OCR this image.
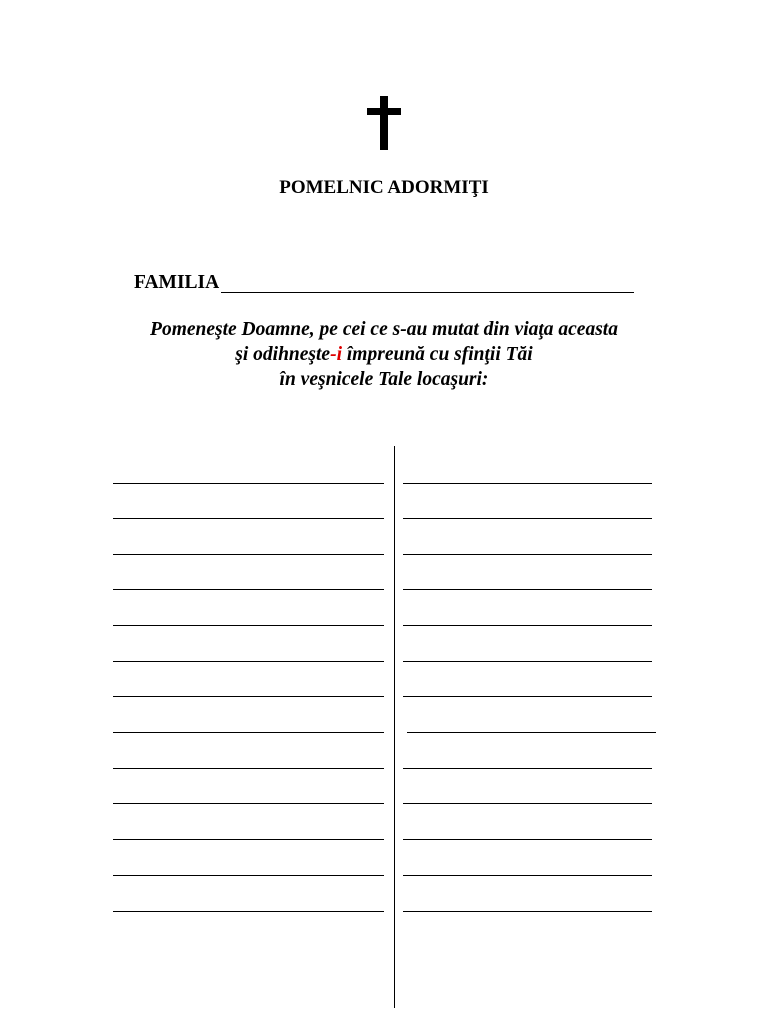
POMELNIC ADORMIŢI
FAMILIA
Pomeneşte Doamne, pe cei ce s-au mutat din viaţa aceasta
şi odihneşte-i împreună cu sfinţii Tăi
în veşnicele Tale locaşuri:
